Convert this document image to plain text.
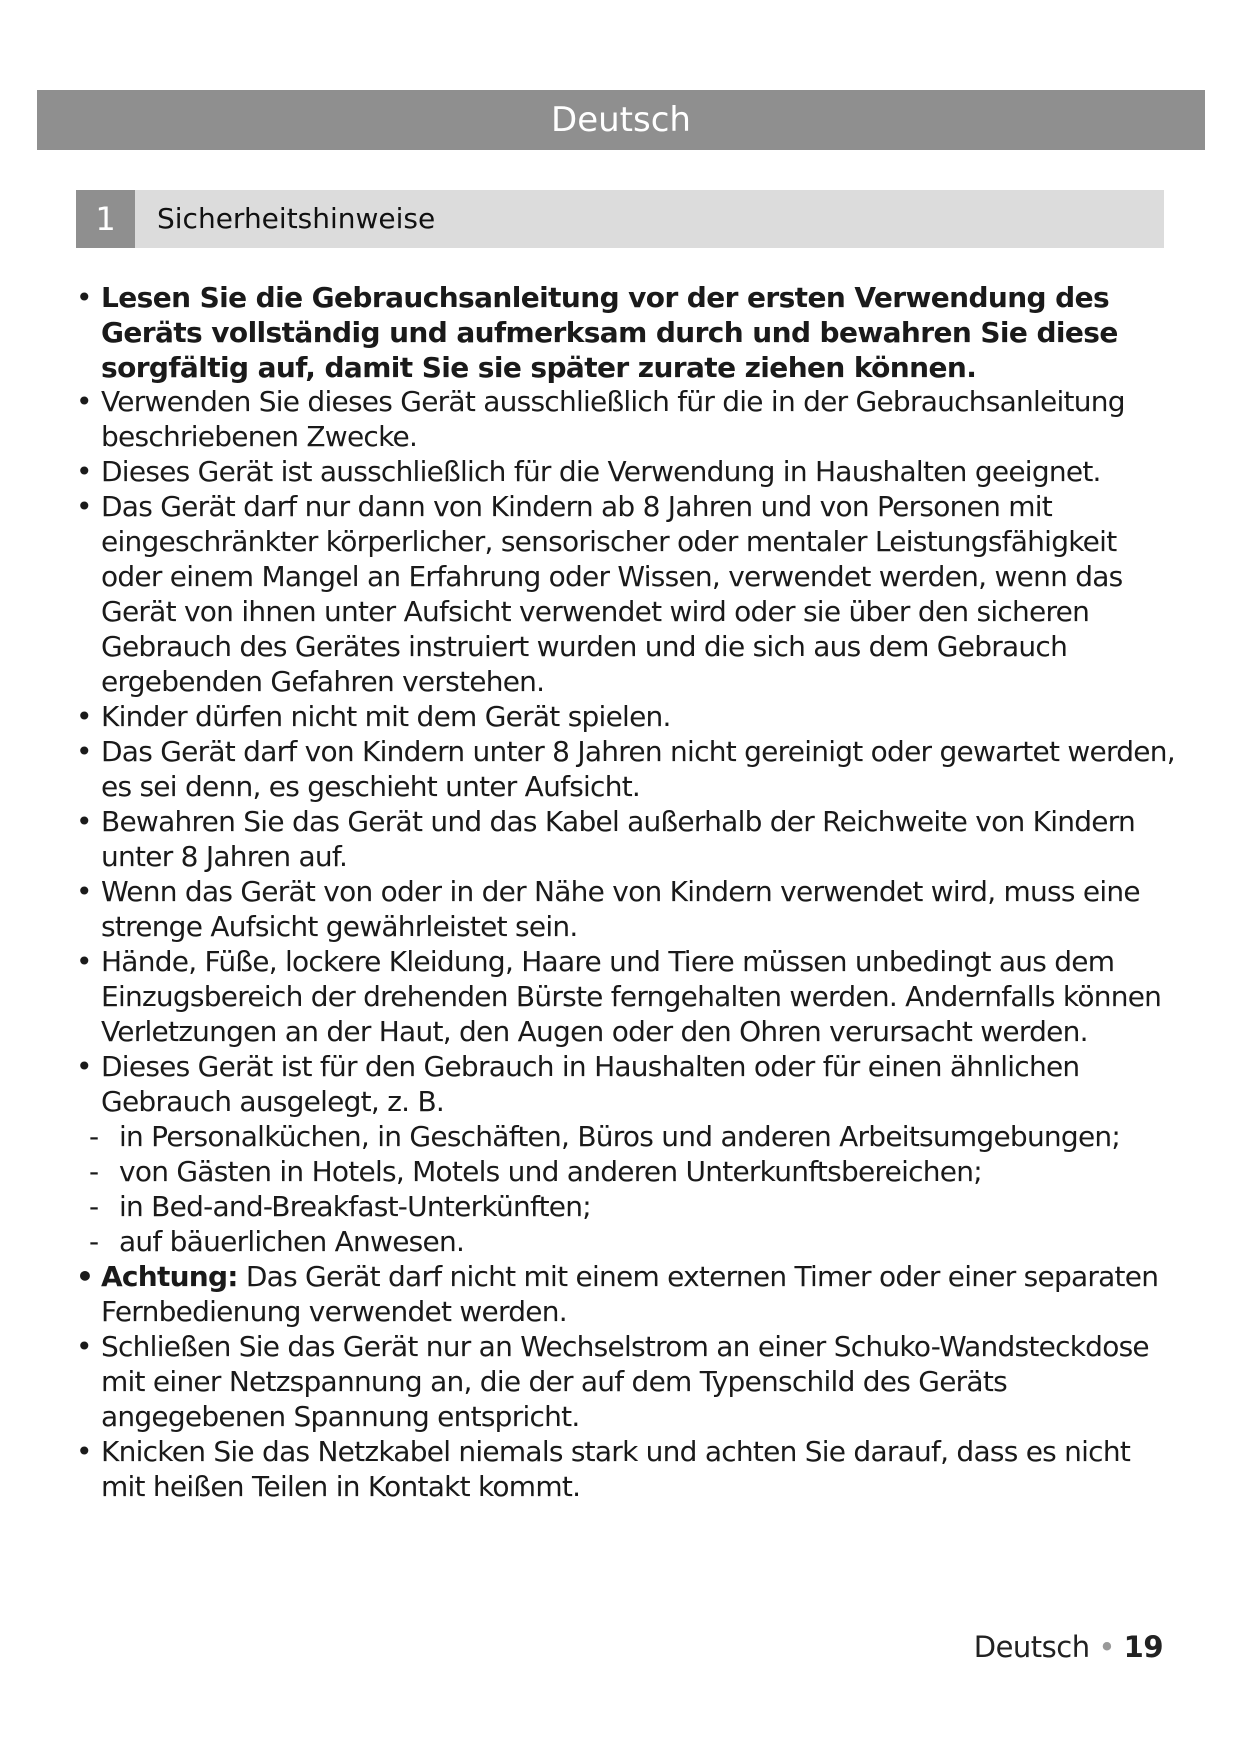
Deutsch
1	Sicherheitshinweise
• Lesen Sie die Gebrauchsanleitung vor der ersten Verwendung des Geräts vollständig und aufmerksam durch und bewahren Sie diese sorgfältig auf, damit Sie sie später zurate ziehen können.
• Verwenden Sie dieses Gerät ausschließlich für die in der Gebrauchsanleitung beschriebenen Zwecke.
• Dieses Gerät ist ausschließlich für die Verwendung in Haushalten geeignet.
• Das Gerät darf nur dann von Kindern ab 8 Jahren und von Personen mit eingeschränkter körperlicher, sensorischer oder mentaler Leistungsfähigkeit oder einem Mangel an Erfahrung oder Wissen, verwendet werden, wenn das Gerät von ihnen unter Aufsicht verwendet wird oder sie über den sicheren Gebrauch des Gerätes instruiert wurden und die sich aus dem Gebrauch ergebenden Gefahren verstehen.
• Kinder dürfen nicht mit dem Gerät spielen.
• Das Gerät darf von Kindern unter 8 Jahren nicht gereinigt oder gewartet werden, es sei denn, es geschieht unter Aufsicht.
• Bewahren Sie das Gerät und das Kabel außerhalb der Reichweite von Kindern unter 8 Jahren auf.
• Wenn das Gerät von oder in der Nähe von Kindern verwendet wird, muss eine strenge Aufsicht gewährleistet sein.
• Hände, Füße, lockere Kleidung, Haare und Tiere müssen unbedingt aus dem Einzugsbereich der drehenden Bürste ferngehalten werden. Andernfalls können Verletzungen an der Haut, den Augen oder den Ohren verursacht werden.
• Dieses Gerät ist für den Gebrauch in Haushalten oder für einen ähnlichen Gebrauch ausgelegt, z. B.
- in Personalküchen, in Geschäften, Büros und anderen Arbeitsumgebungen;
- von Gästen in Hotels, Motels und anderen Unterkunftsbereichen;
- in Bed-and-Breakfast-Unterkünften;
- auf bäuerlichen Anwesen.
• Achtung: Das Gerät darf nicht mit einem externen Timer oder einer separaten Fernbedienung verwendet werden.
• Schließen Sie das Gerät nur an Wechselstrom an einer Schuko-Wandsteckdose mit einer Netzspannung an, die der auf dem Typenschild des Geräts angegebenen Spannung entspricht.
• Knicken Sie das Netzkabel niemals stark und achten Sie darauf, dass es nicht mit heißen Teilen in Kontakt kommt.
Deutsch • 19
